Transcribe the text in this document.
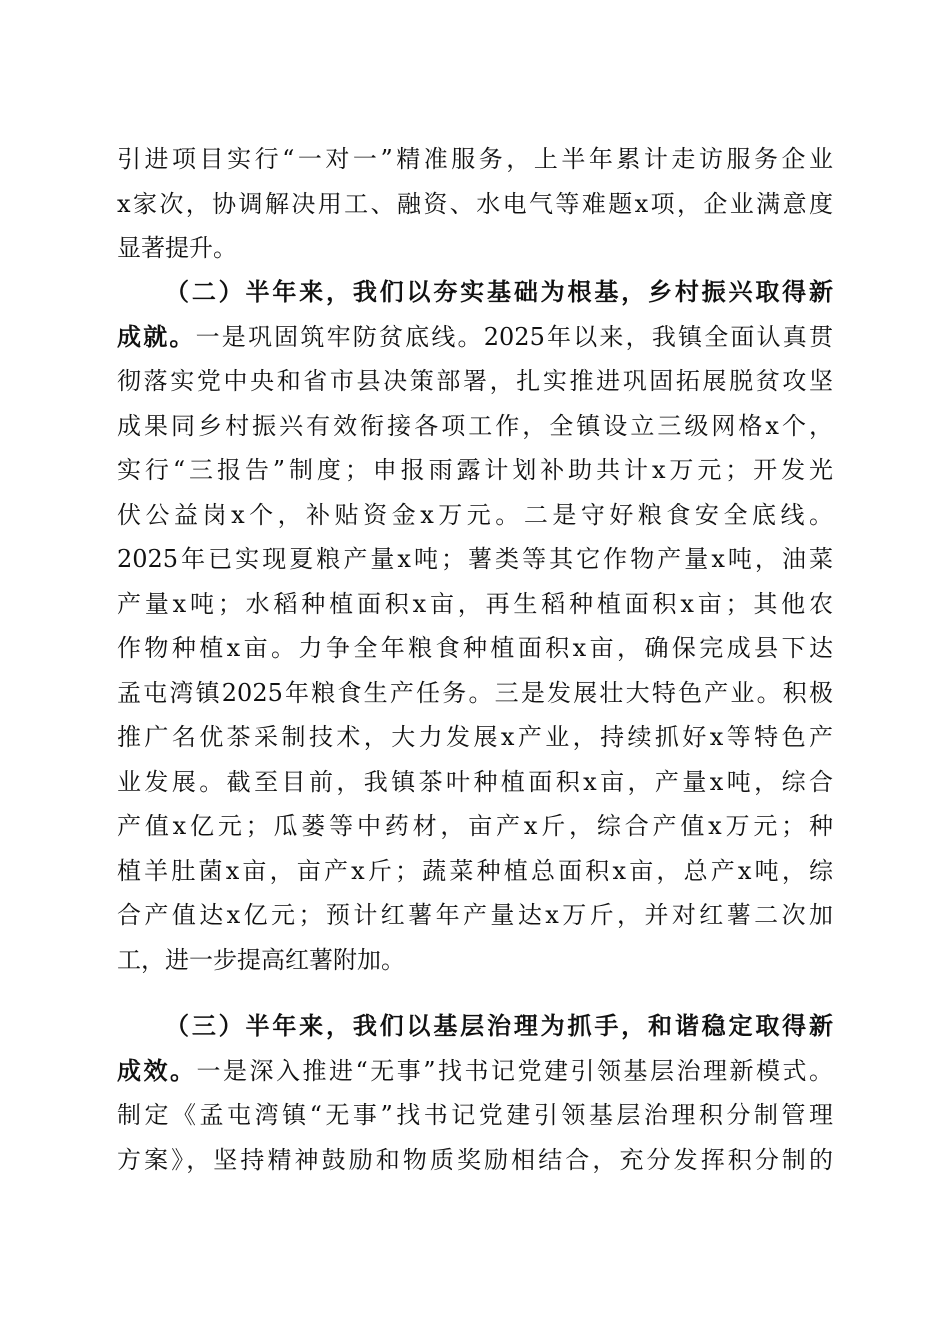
引进项目实行“一对一”精准服务，上半年累计走访服务企业
x家次，协调解决用工、融资、水电气等难题x项，企业满意度
显著提升。
（二）半年来，我们以夯实基础为根基，乡村振兴取得新
成就。一是巩固筑牢防贫底线。2025年以来，我镇全面认真贯
彻落实党中央和省市县决策部署，扎实推进巩固拓展脱贫攻坚
成果同乡村振兴有效衔接各项工作，全镇设立三级网格x个，
实行“三报告”制度；申报雨露计划补助共计x万元；开发光
伏公益岗x个，补贴资金x万元。二是守好粮食安全底线。
2025年已实现夏粮产量x吨；薯类等其它作物产量x吨，油菜
产量x吨；水稻种植面积x亩，再生稻种植面积x亩；其他农
作物种植x亩。力争全年粮食种植面积x亩，确保完成县下达
孟屯湾镇2025年粮食生产任务。三是发展壮大特色产业。积极
推广名优茶采制技术，大力发展x产业，持续抓好x等特色产
业发展。截至目前，我镇茶叶种植面积x亩，产量x吨，综合
产值x亿元；瓜蒌等中药材，亩产x斤，综合产值x万元；种
植羊肚菌x亩，亩产x斤；蔬菜种植总面积x亩，总产x吨，综
合产值达x亿元；预计红薯年产量达x万斤，并对红薯二次加
工，进一步提高红薯附加。
（三）半年来，我们以基层治理为抓手，和谐稳定取得新
成效。一是深入推进“无事”找书记党建引领基层治理新模式。
制定《孟屯湾镇“无事”找书记党建引领基层治理积分制管理
方案》，坚持精神鼓励和物质奖励相结合，充分发挥积分制的
